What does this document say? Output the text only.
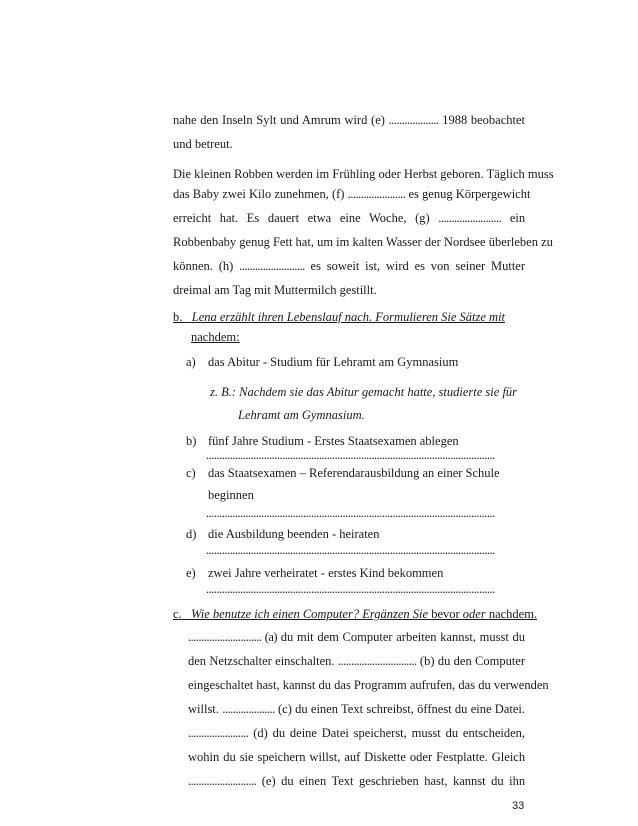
nahe den Inseln Sylt und Amrum wird (e) ................... 1988 beobachtet
und betreut.
Die kleinen Robben werden im Frühling oder Herbst geboren. Täglich muss
das Baby zwei Kilo zunehmen, (f) ...................... es genug Körpergewicht
erreicht hat. Es dauert etwa eine Woche, (g) ........................ ein
Robbenbaby genug Fett hat, um im kalten Wasser der Nordsee überleben zu
können. (h) ......................... es soweit ist, wird es von seiner Mutter
dreimal am Tag mit Muttermilch gestillt.
b. Lena erzählt ihren Lebenslauf nach. Formulieren Sie Sätze mit
nachdem:
a) das Abitur - Studium für Lehramt am Gymnasium
z. B.: Nachdem sie das Abitur gemacht hatte, studierte sie für
Lehramt am Gymnasium.
b) fünf Jahre Studium - Erstes Staatsexamen ablegen
..............................................................................................................
c) das Staatsexamen – Referendarausbildung an einer Schule
beginnen
..............................................................................................................
d) die Ausbildung beenden - heiraten
..............................................................................................................
e) zwei Jahre verheiratet - erstes Kind bekommen
..............................................................................................................
c. Wie benutze ich einen Computer? Ergänzen Sie bevor oder nachdem.
............................ (a) du mit dem Computer arbeiten kannst, musst du
den Netzschalter einschalten. .............................. (b) du den Computer
eingeschaltet hast, kannst du das Programm aufrufen, das du verwenden
willst. .................... (c) du einen Text schreibst, öffnest du eine Datei.
....................... (d) du deine Datei speicherst, musst du entscheiden,
wohin du sie speichern willst, auf Diskette oder Festplatte. Gleich
.......................... (e) du einen Text geschrieben hast, kannst du ihn
33
